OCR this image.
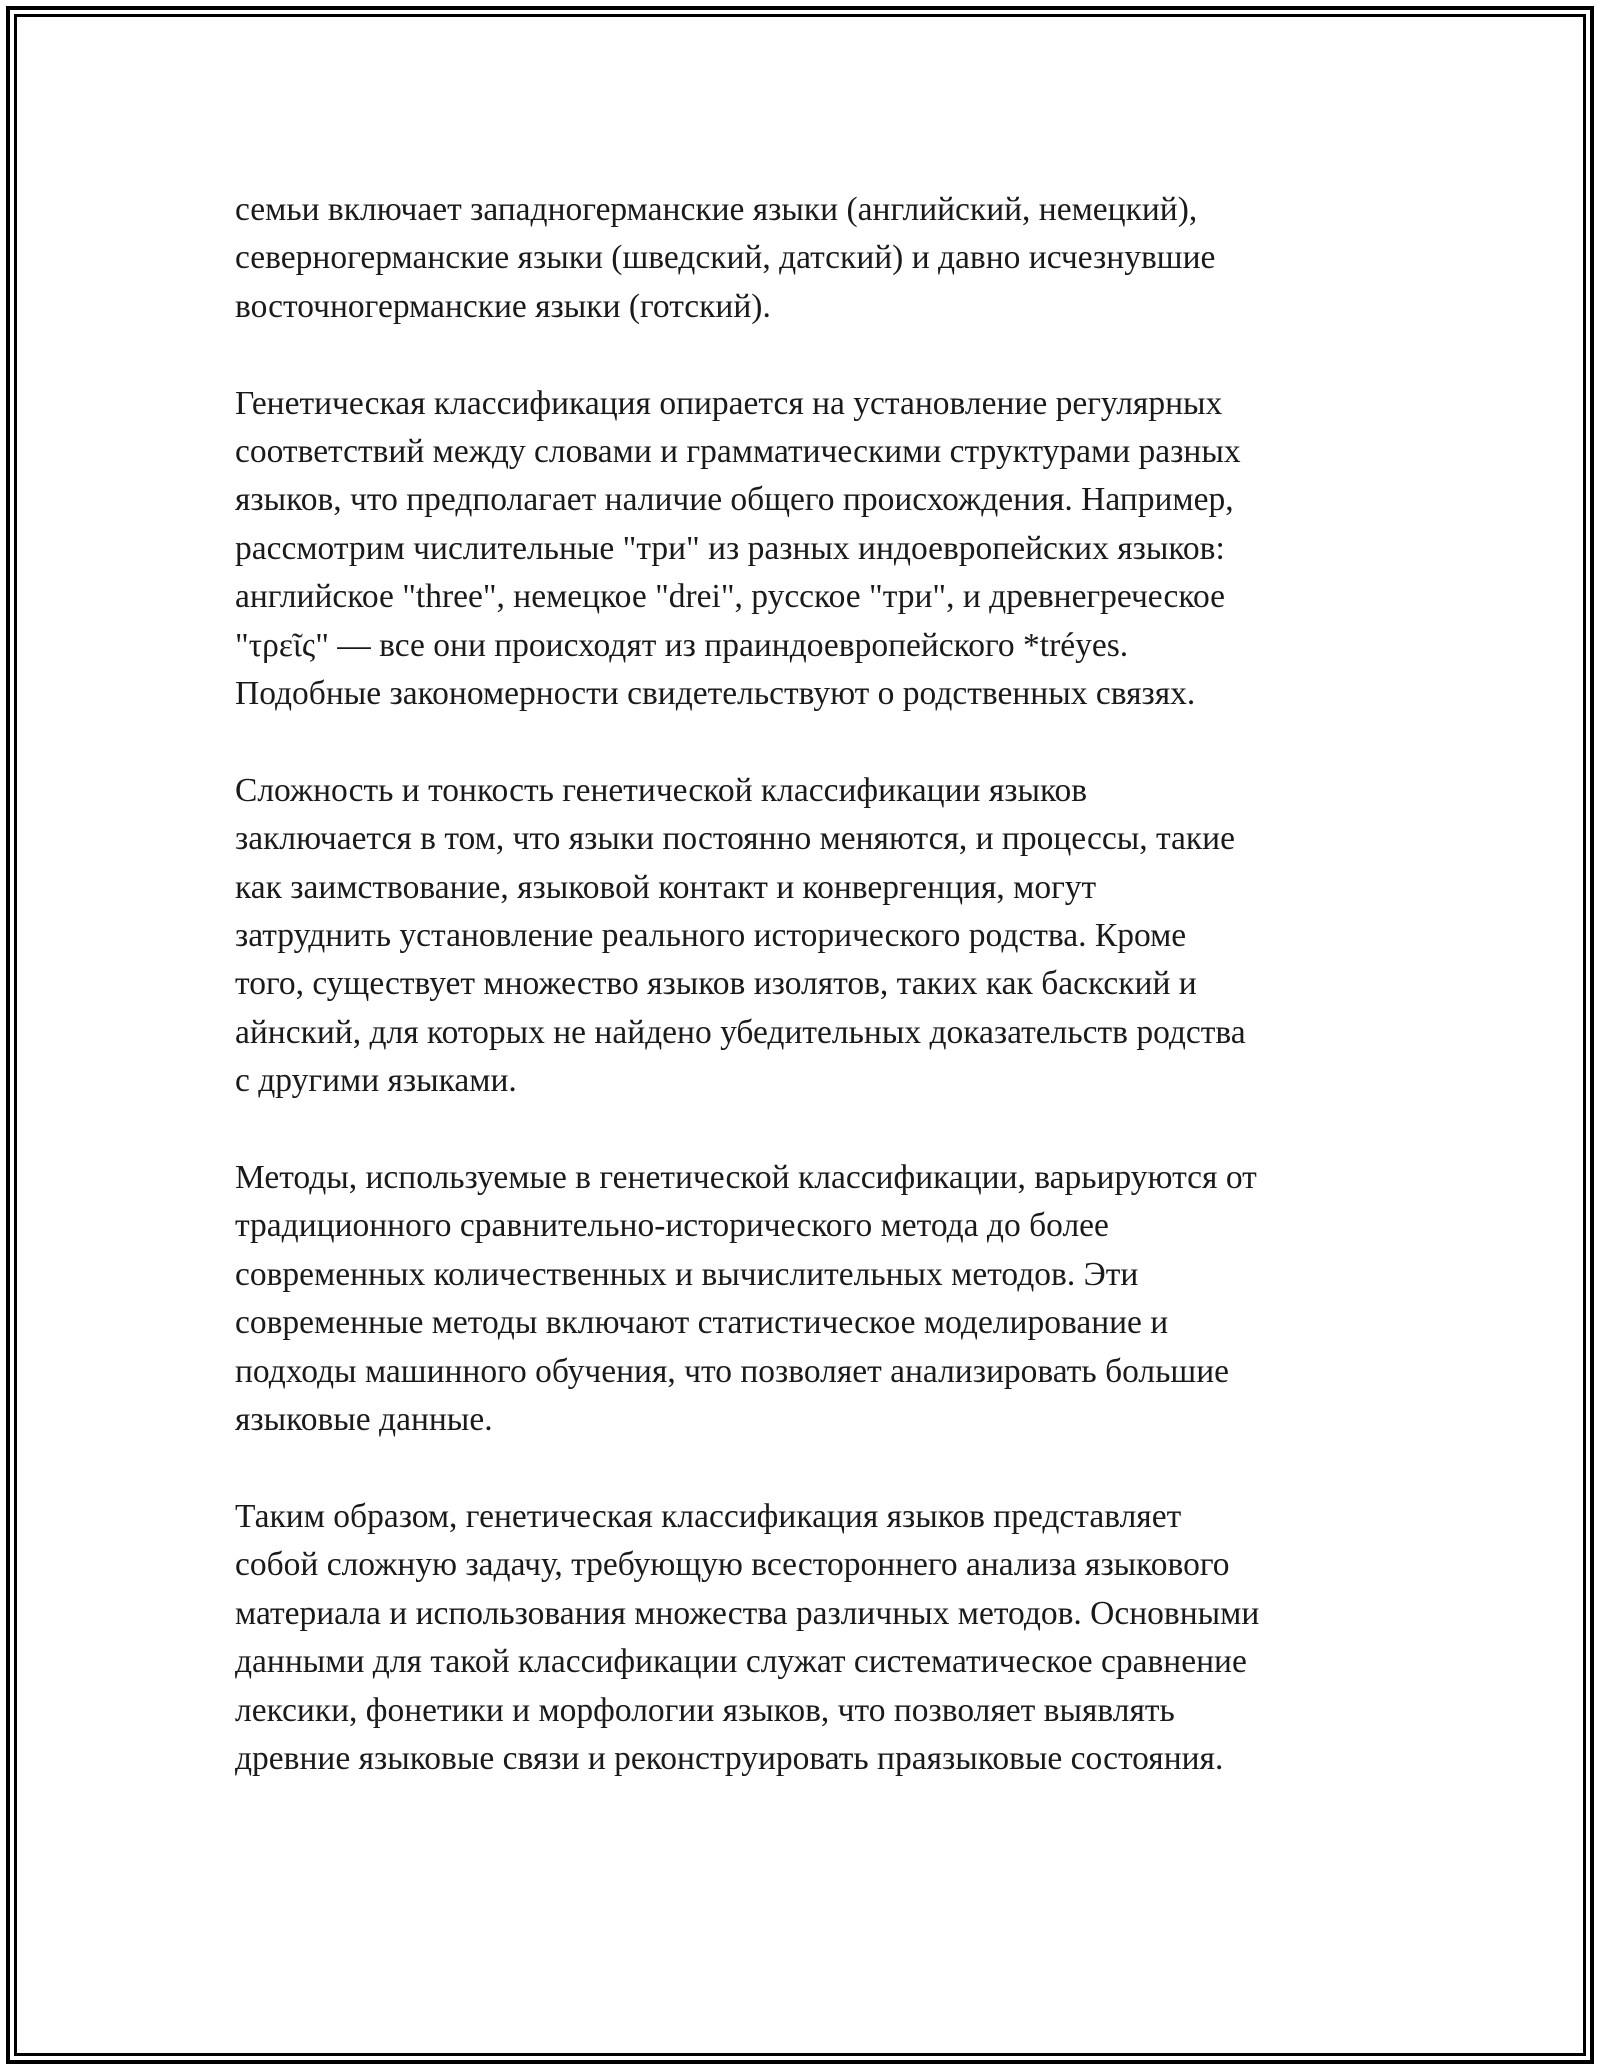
семьи включает западногерманские языки (английский, немецкий),
северногерманские языки (шведский, датский) и давно исчезнувшие
восточногерманские языки (готский).
Генетическая классификация опирается на установление регулярных
соответствий между словами и грамматическими структурами разных
языков, что предполагает наличие общего происхождения. Например,
рассмотрим числительные "три" из разных индоевропейских языков:
английское "three", немецкое "drei", русское "три", и древнегреческое
"τρεῖς" — все они происходят из праиндоевропейского *tréyes.
Подобные закономерности свидетельствуют о родственных связях.
Сложность и тонкость генетической классификации языков
заключается в том, что языки постоянно меняются, и процессы, такие
как заимствование, языковой контакт и конвергенция, могут
затруднить установление реального исторического родства. Кроме
того, существует множество языков изолятов, таких как баскский и
айнский, для которых не найдено убедительных доказательств родства
с другими языками.
Методы, используемые в генетической классификации, варьируются от
традиционного сравнительно-исторического метода до более
современных количественных и вычислительных методов. Эти
современные методы включают статистическое моделирование и
подходы машинного обучения, что позволяет анализировать большие
языковые данные.
Таким образом, генетическая классификация языков представляет
собой сложную задачу, требующую всестороннего анализа языкового
материала и использования множества различных методов. Основными
данными для такой классификации служат систематическое сравнение
лексики, фонетики и морфологии языков, что позволяет выявлять
древние языковые связи и реконструировать праязыковые состояния.
